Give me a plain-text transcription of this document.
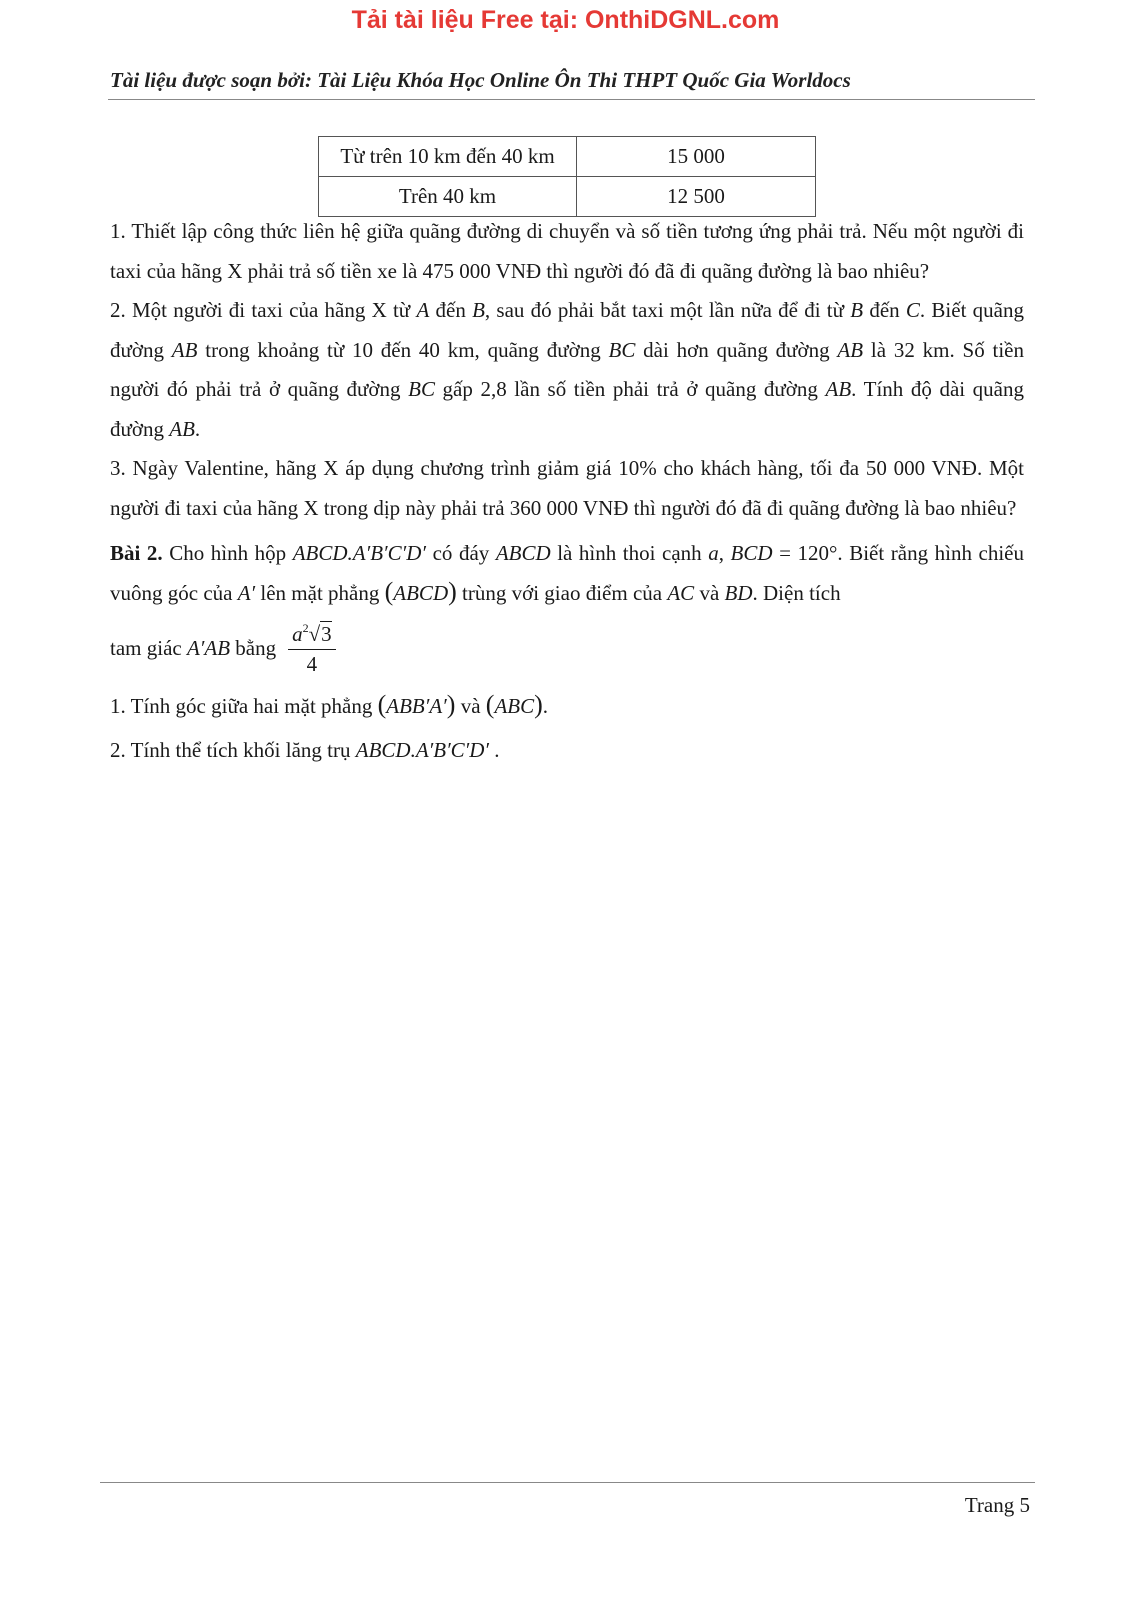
Tải tài liệu Free tại: OnthiDGNL.com
Tài liệu được soạn bởi: Tài Liệu Khóa Học Online Ôn Thi THPT Quốc Gia Worldocs
Từ trên 10 km đến 40 km	15 000
Trên 40 km	12 500

1. Thiết lập công thức liên hệ giữa quãng đường di chuyển và số tiền tương ứng phải trả. Nếu một người đi taxi của hãng X phải trả số tiền xe là 475 000 VNĐ thì người đó đã đi quãng đường là bao nhiêu?

2. Một người đi taxi của hãng X từ A đến B, sau đó phải bắt taxi một lần nữa để đi từ B đến C. Biết quãng đường AB trong khoảng từ 10 đến 40 km, quãng đường BC dài hơn quãng đường AB là 32 km. Số tiền người đó phải trả ở quãng đường BC gấp 2,8 lần số tiền phải trả ở quãng đường AB. Tính độ dài quãng đường AB.

3. Ngày Valentine, hãng X áp dụng chương trình giảm giá 10% cho khách hàng, tối đa 50 000 VNĐ. Một người đi taxi của hãng X trong dịp này phải trả 360 000 VNĐ thì người đó đã đi quãng đường là bao nhiêu?

Bài 2. Cho hình hộp ABCD.A′B′C′D′ có đáy ABCD là hình thoi cạnh a, BCD = 120°. Biết rằng hình chiếu vuông góc của A′ lên mặt phẳng (ABCD) trùng với giao điểm của AC và BD. Diện tích

tam giác
A′AB
bằng $\frac{a^2√3}{4}$

1. Tính góc giữa hai mặt phẳng (ABB′A′) và (ABC).

2. Tính thể tích khối lăng trụ ABCD.A′B′C′D′ .

Trang 5
